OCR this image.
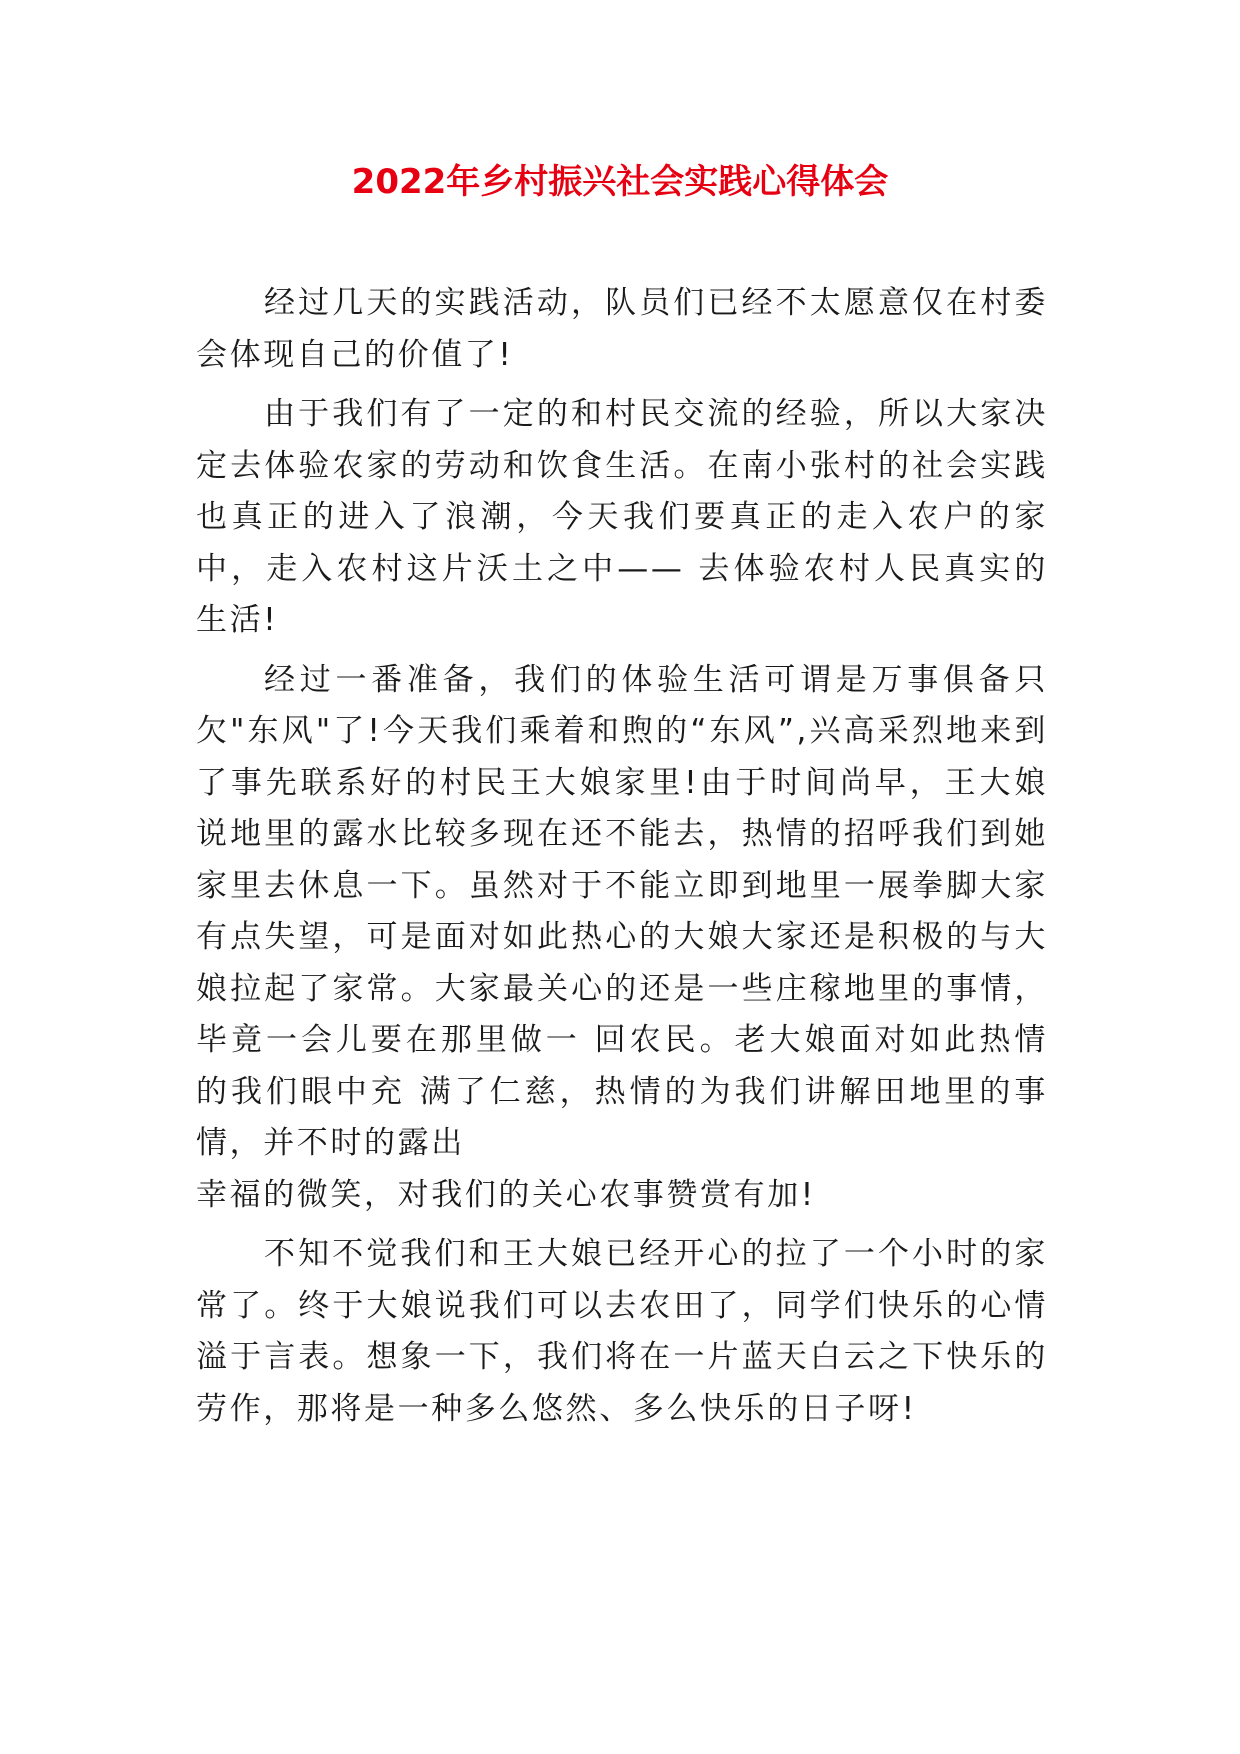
2022年乡村振兴社会实践心得体会

经过几天的实践活动，队员们已经不太愿意仅在村委会体现自己的价值了!

由于我们有了一定的和村民交流的经验，所以大家决定去体验农家的劳动和饮食生活。在南小张村的社会实践也真正的进入了浪潮，今天我们要真正的走入农户的家中，走入农村这片沃土之中—— 去体验农村人民真实的生活!

经过一番准备，我们的体验生活可谓是万事俱备只欠"东风"了!今天我们乘着和煦的“东风”,兴高采烈地来到了事先联系好的村民王大娘家里!由于时间尚早，王大娘说地里的露水比较多现在还不能去，热情的招呼我们到她家里去休息一下。虽然对于不能立即到地里一展拳脚大家有点失望，可是面对如此热心的大娘大家还是积极的与大娘拉起了家常。大家最关心的还是一些庄稼地里的事情，毕竟一会儿要在那里做一 回农民。老大娘面对如此热情的我们眼中充 满了仁慈，热情的为我们讲解田地里的事情，并不时的露出

幸福的微笑，对我们的关心农事赞赏有加!

不知不觉我们和王大娘已经开心的拉了一个小时的家常了。终于大娘说我们可以去农田了，同学们快乐的心情溢于言表。想象一下，我们将在一片蓝天白云之下快乐的劳作，那将是一种多么悠然、多么快乐的日子呀!
